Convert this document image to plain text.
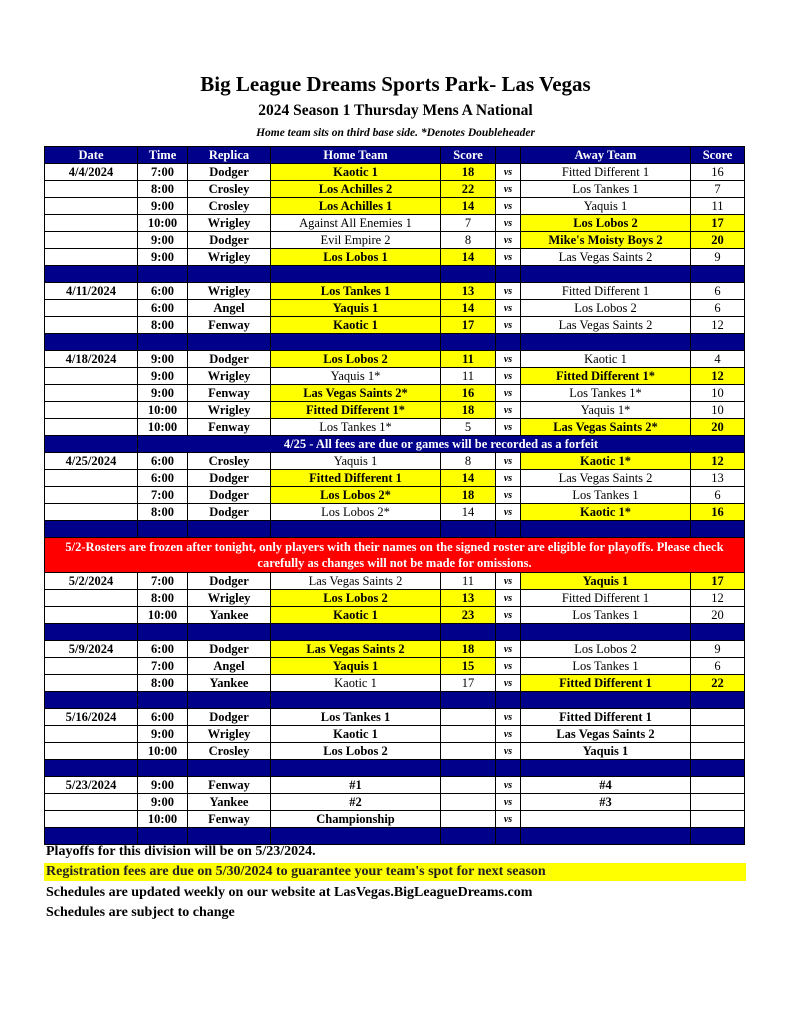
Big League Dreams Sports Park- Las Vegas
2024 Season 1 Thursday Mens A National
Home team sits on third base side. *Denotes Doubleheader
Date	Time	Replica	Home Team	Score		Away Team	Score
4/4/2024	7:00	Dodger	Kaotic 1	18	vs	Fitted Different 1	16
	8:00	Crosley	Los Achilles 2	22	vs	Los Tankes 1	7
	9:00	Crosley	Los Achilles 1	14	vs	Yaquis 1	11
	10:00	Wrigley	Against All Enemies 1	7	vs	Los Lobos 2	17
	9:00	Dodger	Evil Empire 2	8	vs	Mike's Moisty Boys 2	20
	9:00	Wrigley	Los Lobos 1	14	vs	Las Vegas Saints 2	9

4/11/2024	6:00	Wrigley	Los Tankes 1	13	vs	Fitted Different 1	6
	6:00	Angel	Yaquis 1	14	vs	Los Lobos 2	6
	8:00	Fenway	Kaotic 1	17	vs	Las Vegas Saints 2	12

4/18/2024	9:00	Dodger	Los Lobos 2	11	vs	Kaotic 1	4
	9:00	Wrigley	Yaquis 1*	11	vs	Fitted Different 1*	12
	9:00	Fenway	Las Vegas Saints 2*	16	vs	Los Tankes 1*	10
	10:00	Wrigley	Fitted Different 1*	18	vs	Yaquis 1*	10
	10:00	Fenway	Los Tankes 1*	5	vs	Las Vegas Saints 2*	20
	4/25 - All fees are due or games will be recorded as a forfeit						
4/25/2024	6:00	Crosley	Yaquis 1	8	vs	Kaotic 1*	12
	6:00	Dodger	Fitted Different 1	14	vs	Las Vegas Saints 2	13
	7:00	Dodger	Los Lobos 2*	18	vs	Los Tankes 1	6
	8:00	Dodger	Los Lobos 2*	14	vs	Kaotic 1*	16

5/2-Rosters are frozen after tonight, only players with their names on the signed roster are eligible for playoffs. Please check carefully as changes will not be made for omissions.							
5/2/2024	7:00	Dodger	Las Vegas Saints 2	11	vs	Yaquis 1	17
	8:00	Wrigley	Los Lobos 2	13	vs	Fitted Different 1	12
	10:00	Yankee	Kaotic 1	23	vs	Los Tankes 1	20

5/9/2024	6:00	Dodger	Las Vegas Saints 2	18	vs	Los Lobos 2	9
	7:00	Angel	Yaquis 1	15	vs	Los Tankes 1	6
	8:00	Yankee	Kaotic 1	17	vs	Fitted Different 1	22

5/16/2024	6:00	Dodger	Los Tankes 1		vs	Fitted Different 1	
	9:00	Wrigley	Kaotic 1		vs	Las Vegas Saints 2	
	10:00	Crosley	Los Lobos 2		vs	Yaquis 1	

5/23/2024	9:00	Fenway	#1		vs	#4	
	9:00	Yankee	#2		vs	#3	
	10:00	Fenway	Championship		vs		

Playoffs for this division will be on 5/23/2024.
Registration fees are due on 5/30/2024 to guarantee your team's spot for next season
Schedules are updated weekly on our website at LasVegas.BigLeagueDreams.com
Schedules are subject to change
